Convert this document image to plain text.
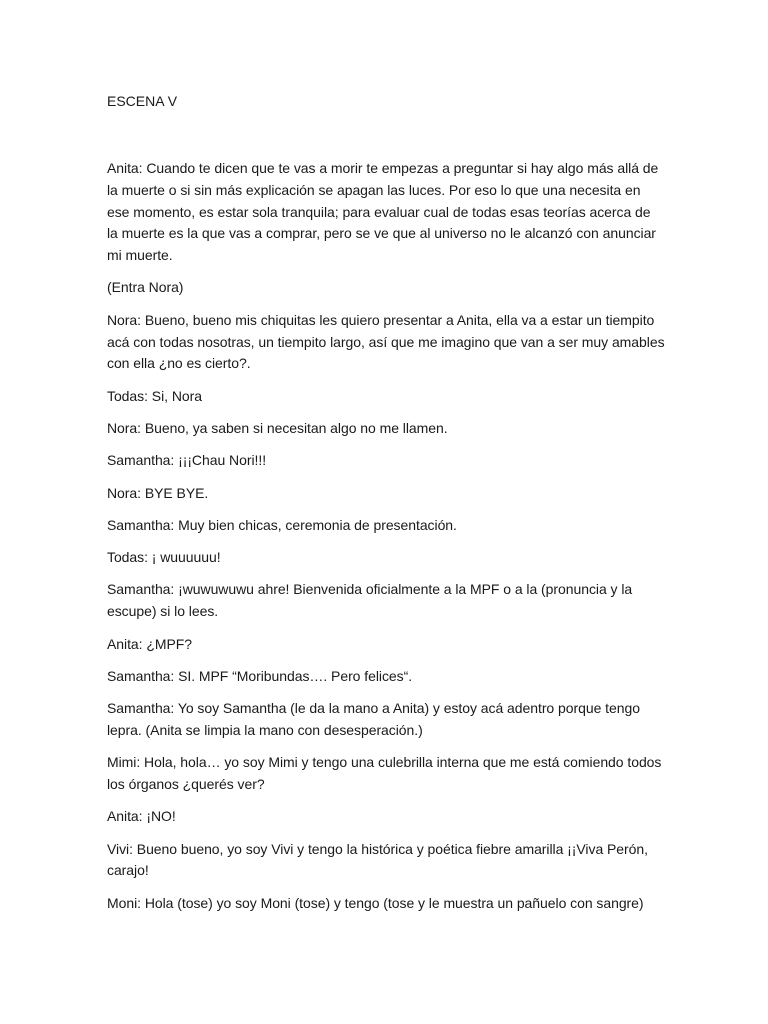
ESCENA V
Anita: Cuando te dicen que te vas a morir te empezas a preguntar si hay algo más allá de la muerte o si sin más explicación se apagan las luces. Por eso lo que una necesita en ese momento, es estar sola tranquila; para evaluar cual de todas esas teorías acerca de la muerte es la que vas a comprar, pero se ve que al universo no le alcanzó con anunciar mi muerte.
(Entra Nora)
Nora: Bueno, bueno mis chiquitas les quiero presentar a Anita, ella va a estar un tiempito acá con todas nosotras, un tiempito largo, así que me imagino que van a ser muy amables con ella ¿no es cierto?.
Todas: Si, Nora
Nora: Bueno, ya saben si necesitan algo no me llamen.
Samantha: ¡¡¡Chau Nori!!!
Nora: BYE BYE.
Samantha: Muy bien chicas, ceremonia de presentación.
Todas: ¡ wuuuuuu!
Samantha: ¡wuwuwuwu ahre! Bienvenida oficialmente a la MPF o a la (pronuncia y la escupe) si lo lees.
Anita: ¿MPF?
Samantha: SI. MPF “Moribundas…. Pero felices“.
Samantha: Yo soy Samantha (le da la mano a Anita) y estoy acá adentro porque tengo lepra. (Anita se limpia la mano con desesperación.)
Mimi: Hola, hola… yo soy Mimi y tengo una culebrilla interna que me está comiendo todos los órganos ¿querés ver?
Anita: ¡NO!
Vivi: Bueno bueno, yo soy Vivi y tengo la histórica y poética fiebre amarilla ¡¡Viva Perón, carajo!
Moni: Hola (tose) yo soy Moni (tose) y tengo (tose y le muestra un pañuelo con sangre)
